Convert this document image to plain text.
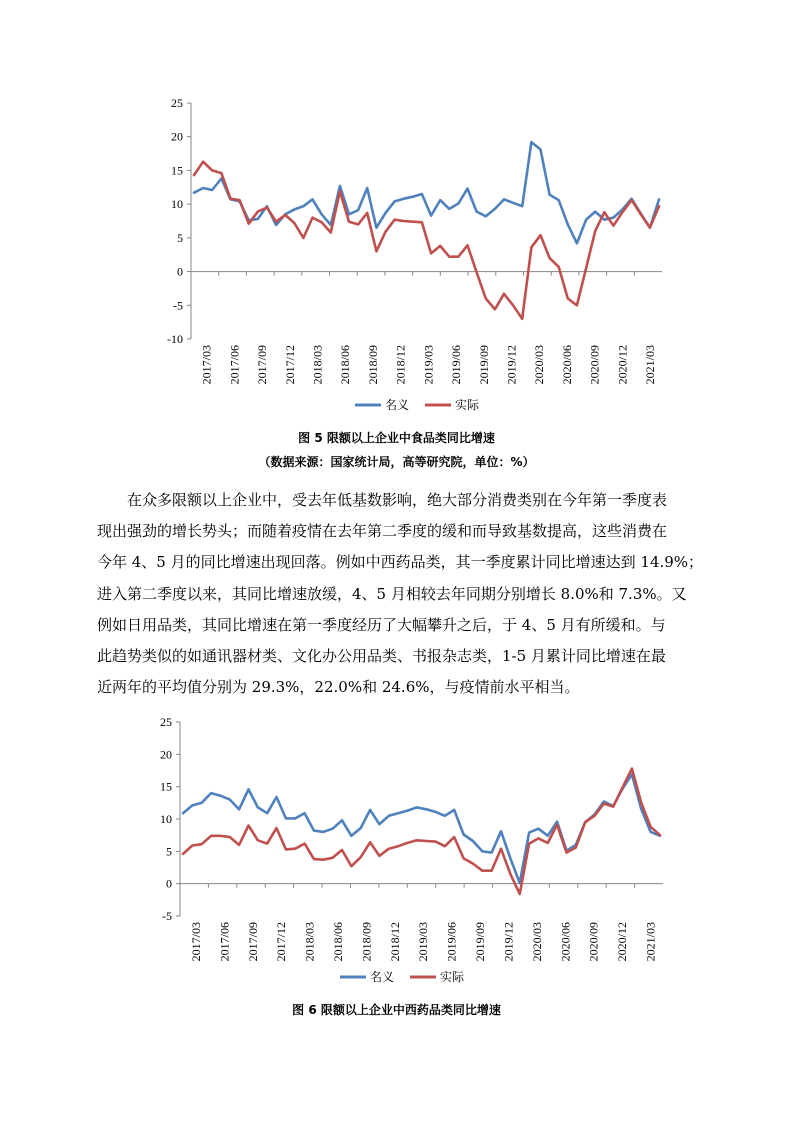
25
20
15
10
5
0
-5
-10
2017/03 2017/06 2017/09 2017/12 2018/03 2018/06 2018/09 2018/12 2019/03 2019/06 2019/09 2019/12 2020/03 2020/06 2020/09 2020/12 2021/03
名义	实际
图 5 限额以上企业中食品类同比增速
（数据来源：国家统计局，高等研究院，单位：%）
在众多限额以上企业中，受去年低基数影响，绝大部分消费类别在今年第一季度表
现出强劲的增长势头；而随着疫情在去年第二季度的缓和而导致基数提高，这些消费在
今年 4、5 月的同比增速出现回落。例如中西药品类，其一季度累计同比增速达到 14.9%；
进入第二季度以来，其同比增速放缓，4、5 月相较去年同期分别增长 8.0%和 7.3%。又
例如日用品类，其同比增速在第一季度经历了大幅攀升之后，于 4、5 月有所缓和。与
此趋势类似的如通讯器材类、文化办公用品类、书报杂志类，1-5 月累计同比增速在最
近两年的平均值分别为 29.3%，22.0%和 24.6%，与疫情前水平相当。
25
20
15
10
5
0
-5
2017/03 2017/06 2017/09 2017/12 2018/03 2018/06 2018/09 2018/12 2019/03 2019/06 2019/09 2019/12 2020/03 2020/06 2020/09 2020/12 2021/03
名义	实际
图 6 限额以上企业中西药品类同比增速
